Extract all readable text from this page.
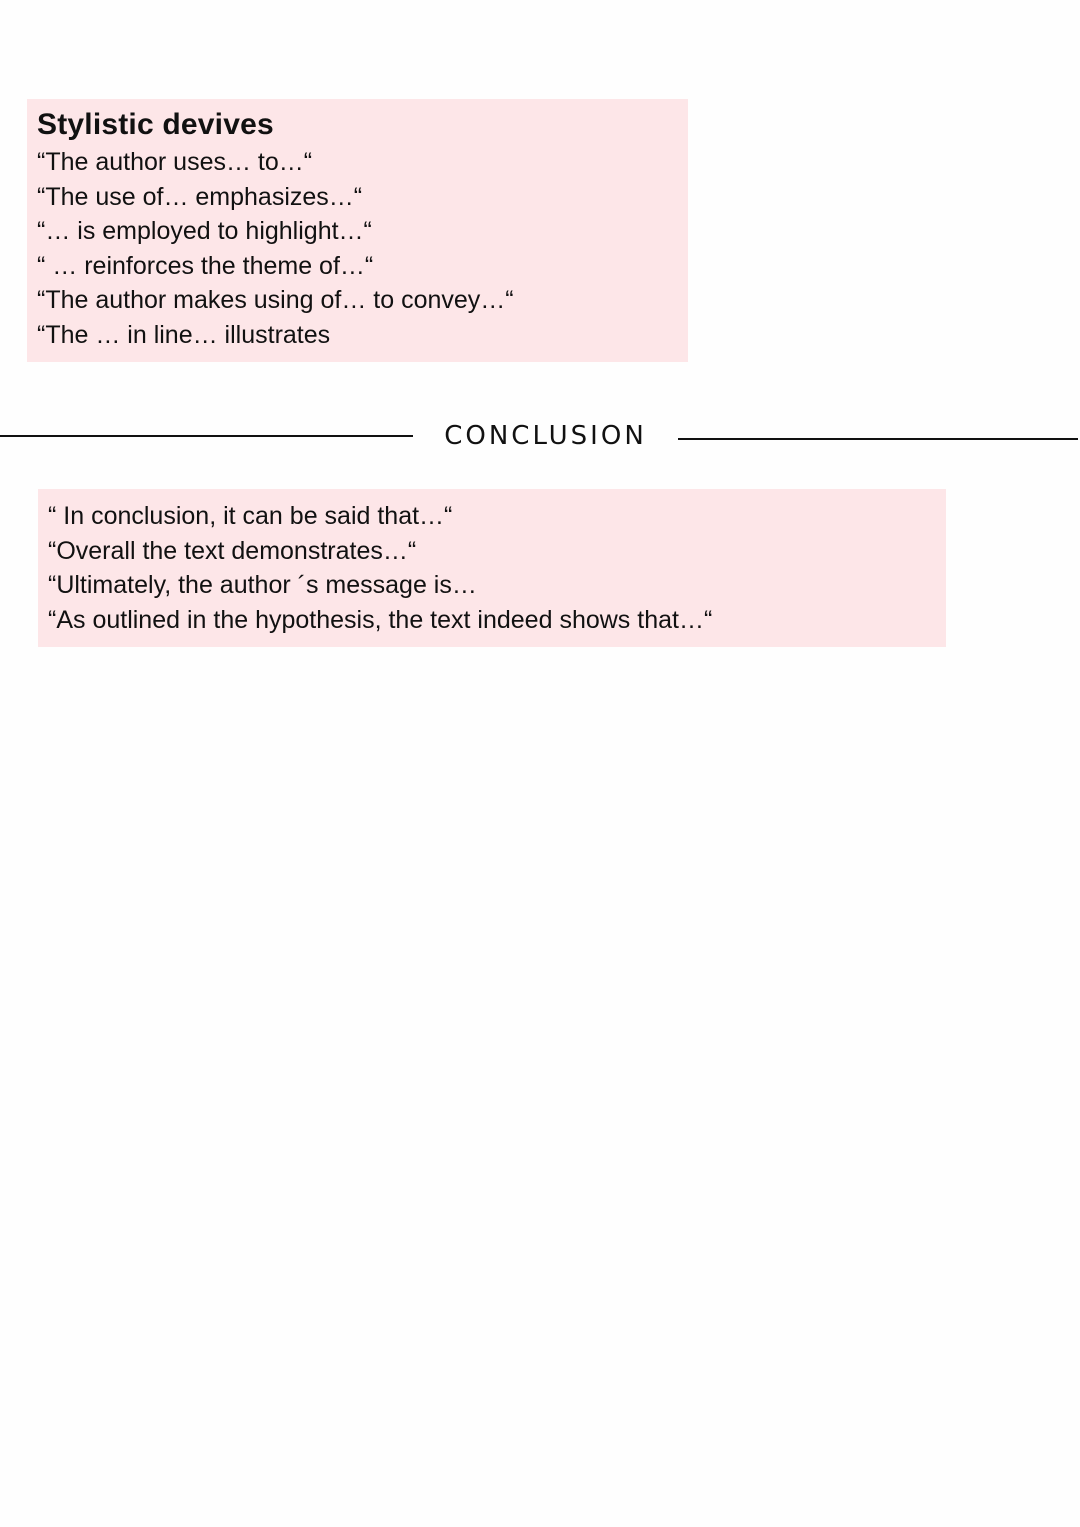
Stylistic devives

“The author uses… to…“

“The use of… emphasizes…“

“… is employed to highlight…“

“ … reinforces the theme of…“

“The author makes using of… to convey…“

“The … in line… illustrates

CONCLUSION

“ In conclusion, it can be said that…“

“Overall the text demonstrates…“

“Ultimately, the author ´s message is…

“As outlined in the hypothesis, the text indeed shows that…“
